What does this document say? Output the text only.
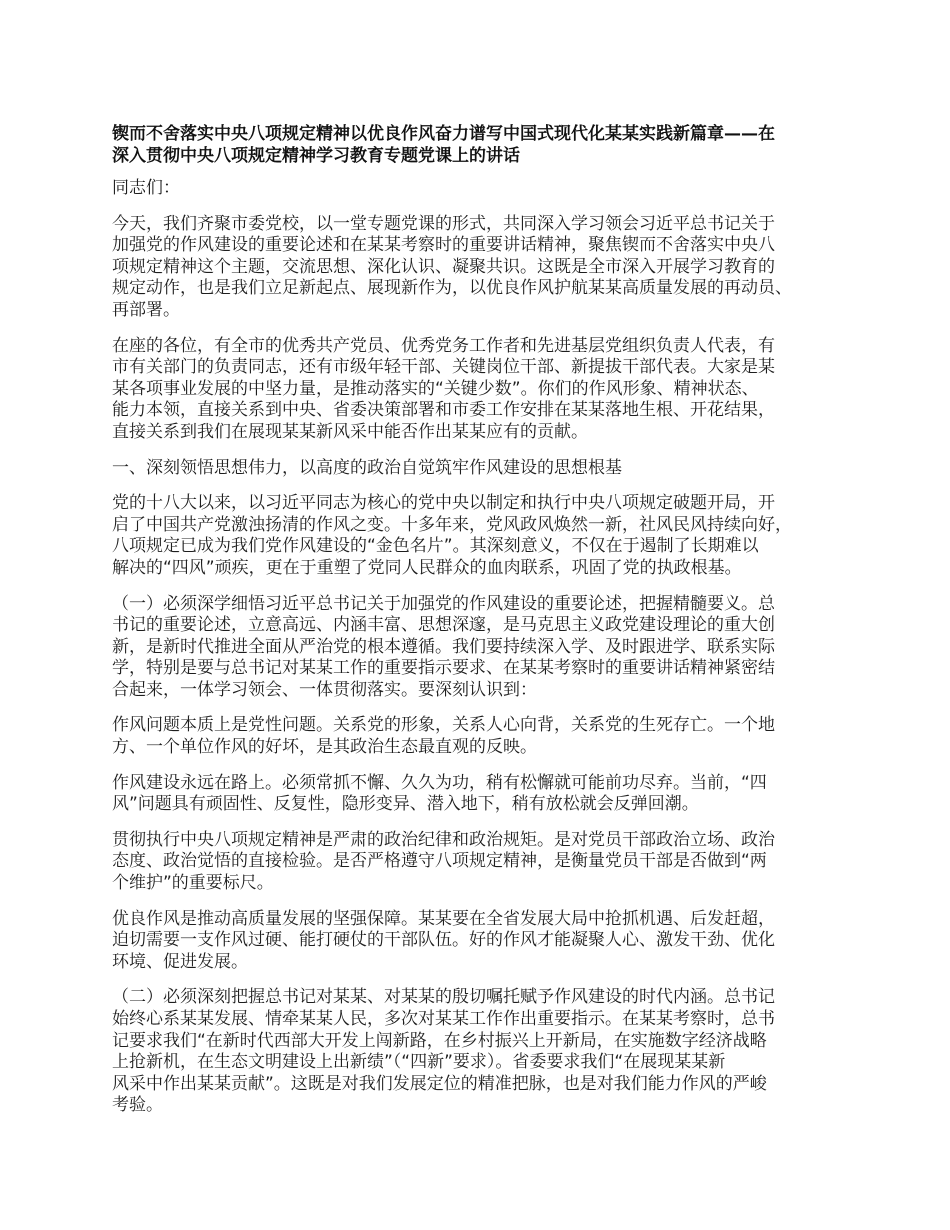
锲而不舍落实中央八项规定精神以优良作风奋力谱写中国式现代化某某实践新篇章——在
深入贯彻中央八项规定精神学习教育专题党课上的讲话

同志们：

今天，我们齐聚市委党校，以一堂专题党课的形式，共同深入学习领会习近平总书记关于
加强党的作风建设的重要论述和在某某考察时的重要讲话精神，聚焦锲而不舍落实中央八
项规定精神这个主题，交流思想、深化认识、凝聚共识。这既是全市深入开展学习教育的
规定动作，也是我们立足新起点、展现新作为，以优良作风护航某某高质量发展的再动员、
再部署。

在座的各位，有全市的优秀共产党员、优秀党务工作者和先进基层党组织负责人代表，有
市有关部门的负责同志，还有市级年轻干部、关键岗位干部、新提拔干部代表。大家是某
某各项事业发展的中坚力量，是推动落实的“关键少数”。你们的作风形象、精神状态、
能力本领，直接关系到中央、省委决策部署和市委工作安排在某某落地生根、开花结果，
直接关系到我们在展现某某新风采中能否作出某某应有的贡献。

一、深刻领悟思想伟力，以高度的政治自觉筑牢作风建设的思想根基

党的十八大以来，以习近平同志为核心的党中央以制定和执行中央八项规定破题开局，开
启了中国共产党激浊扬清的作风之变。十多年来，党风政风焕然一新，社风民风持续向好，
八项规定已成为我们党作风建设的“金色名片”。其深刻意义，不仅在于遏制了长期难以
解决的“四风”顽疾，更在于重塑了党同人民群众的血肉联系，巩固了党的执政根基。

（一）必须深学细悟习近平总书记关于加强党的作风建设的重要论述，把握精髓要义。总
书记的重要论述，立意高远、内涵丰富、思想深邃，是马克思主义政党建设理论的重大创
新，是新时代推进全面从严治党的根本遵循。我们要持续深入学、及时跟进学、联系实际
学，特别是要与总书记对某某工作的重要指示要求、在某某考察时的重要讲话精神紧密结
合起来，一体学习领会、一体贯彻落实。要深刻认识到：

作风问题本质上是党性问题。关系党的形象，关系人心向背，关系党的生死存亡。一个地
方、一个单位作风的好坏，是其政治生态最直观的反映。

作风建设永远在路上。必须常抓不懈、久久为功，稍有松懈就可能前功尽弃。当前，“四
风”问题具有顽固性、反复性，隐形变异、潜入地下，稍有放松就会反弹回潮。

贯彻执行中央八项规定精神是严肃的政治纪律和政治规矩。是对党员干部政治立场、政治
态度、政治觉悟的直接检验。是否严格遵守八项规定精神，是衡量党员干部是否做到“两
个维护”的重要标尺。

优良作风是推动高质量发展的坚强保障。某某要在全省发展大局中抢抓机遇、后发赶超，
迫切需要一支作风过硬、能打硬仗的干部队伍。好的作风才能凝聚人心、激发干劲、优化
环境、促进发展。

（二）必须深刻把握总书记对某某、对某某的殷切嘱托赋予作风建设的时代内涵。总书记
始终心系某某发展、情牵某某人民，多次对某某工作作出重要指示。在某某考察时，总书
记要求我们“在新时代西部大开发上闯新路，在乡村振兴上开新局，在实施数字经济战略
上抢新机，在生态文明建设上出新绩”（“四新”要求）。省委要求我们“在展现某某新
风采中作出某某贡献”。这既是对我们发展定位的精准把脉，也是对我们能力作风的严峻
考验。
